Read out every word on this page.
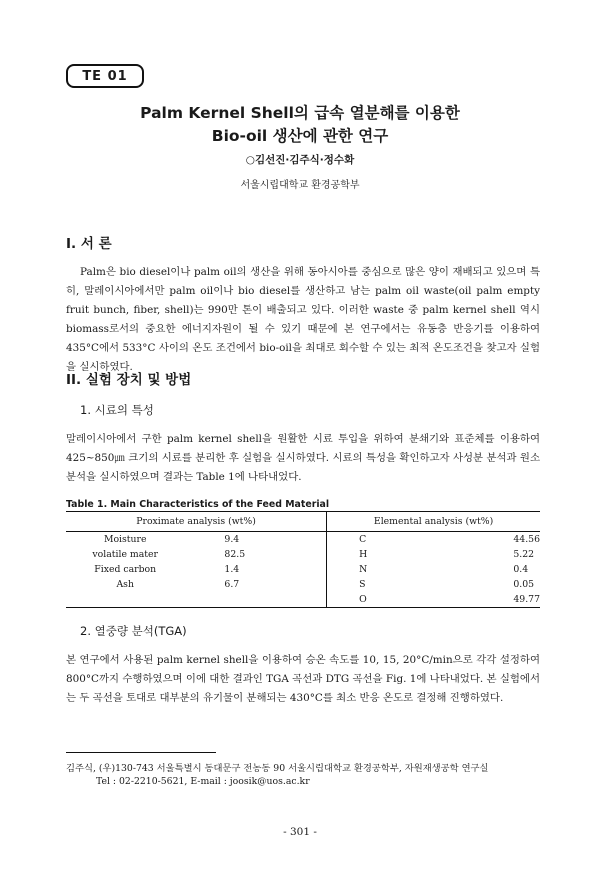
TE 01
Palm Kernel Shell의 급속 열분해를 이용한
Bio-oil 생산에 관한 연구
○김선진·김주식·정수화
서울시립대학교 환경공학부
I. 서 론

Palm은 bio diesel이나 palm oil의 생산을 위해 동아시아를 중심으로 많은 양이 재배되고 있으며 특히, 말레이시아에서만 palm oil이나 bio diesel를 생산하고 남는 palm oil waste(oil palm empty fruit bunch, fiber, shell)는 990만 톤이 배출되고 있다. 이러한 waste 중 palm kernel shell 역시 biomass로서의 중요한 에너지자원이 될 수 있기 때문에 본 연구에서는 유동층 반응기를 이용하여 435°C에서 533°C 사이의 온도 조건에서 bio-oil을 최대로 회수할 수 있는 최적 온도조건을 찾고자 실험을 실시하였다.

II. 실험 장치 및 방법
1. 시료의 특성

말레이시아에서 구한 palm kernel shell을 원활한 시료 투입을 위하여 분쇄기와 표준체를 이용하여 425~850㎛ 크기의 시료를 분리한 후 실험을 실시하였다. 시료의 특성을 확인하고자 사성분 분석과 원소 분석을 실시하였으며 결과는 Table 1에 나타내었다.

Table 1. Main Characteristics of the Feed Material
Proximate analysis (wt%)		Elemental analysis (wt%)	
Moisture	9.4	C	44.56
volatile mater	82.5	H	5.22
Fixed carbon	1.4	N	0.4
Ash	6.7	S	0.05
		O	49.77
2. 열중량 분석(TGA)

본 연구에서 사용된 palm kernel shell을 이용하여 승온 속도를 10, 15, 20°C/min으로 각각 설정하여 800°C까지 수행하였으며 이에 대한 결과인 TGA 곡선과 DTG 곡선을 Fig. 1에 나타내었다. 본 실험에서는 두 곡선을 토대로 대부분의 유기물이 분해되는 430°C를 최소 반응 온도로 결정해 진행하였다.

김주식, (우)130-743 서울특별시 동대문구 전농동 90 서울시립대학교 환경공학부, 자원재생공학 연구실
Tel : 02-2210-5621, E-mail : joosik@uos.ac.kr
- 301 -
